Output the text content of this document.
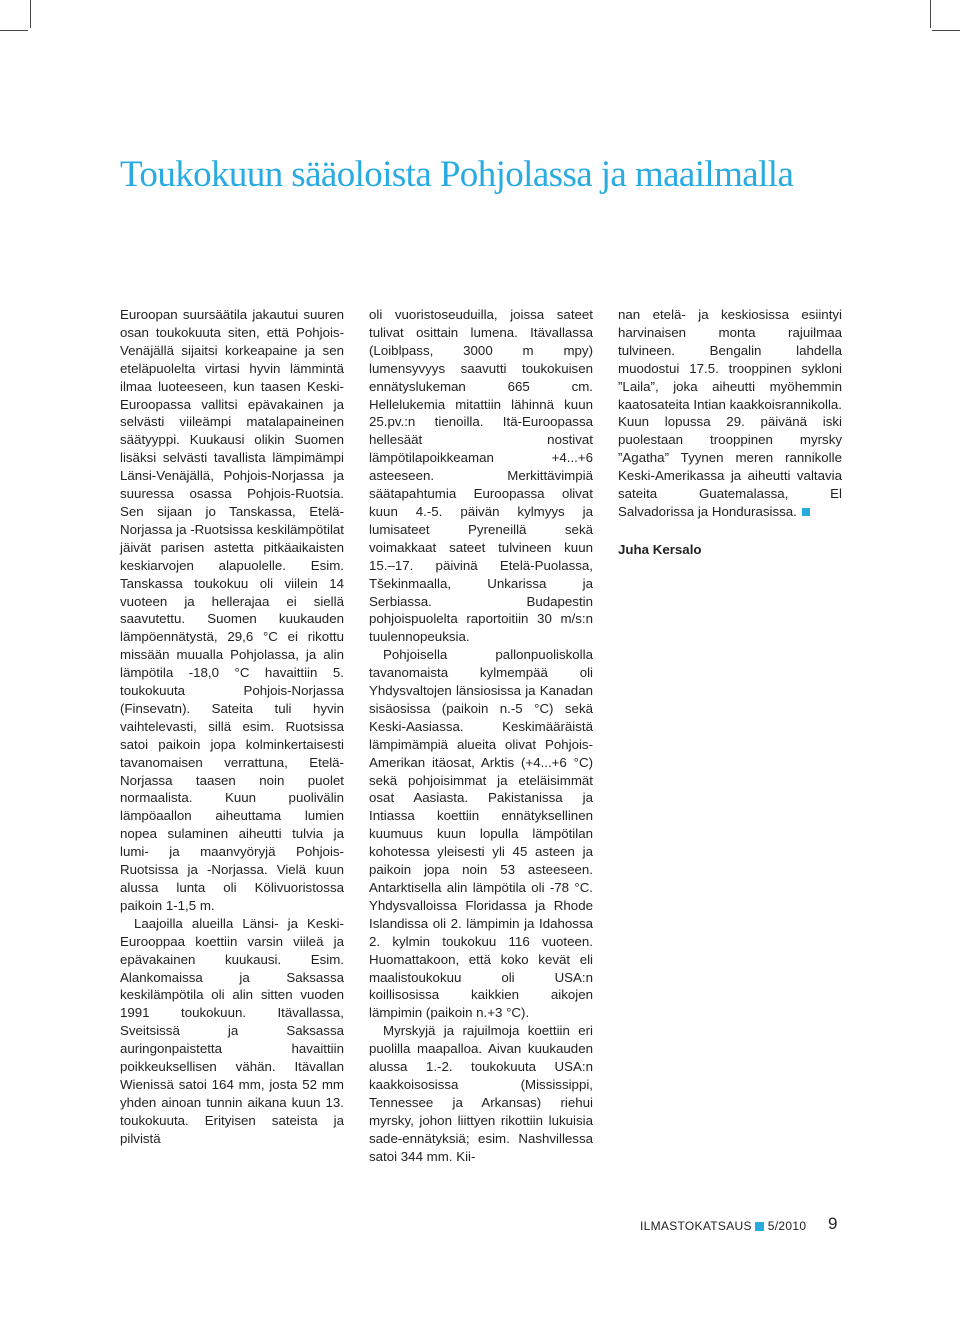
Toukokuun sääoloista Pohjolassa ja maailmalla

Euroopan suursäätila jakautui suuren osan toukokuuta siten, että Pohjois-Venäjällä sijaitsi korkeapaine ja sen eteläpuolelta virtasi hyvin lämmintä ilmaa luoteeseen, kun taasen Keski-Euroopassa vallitsi epävakainen ja selvästi viileämpi matalapaineinen säätyyppi. Kuukausi olikin Suomen lisäksi selvästi tavallista lämpimämpi Länsi-Venäjällä, Pohjois-Norjassa ja suuressa osassa Pohjois-Ruotsia. Sen sijaan jo Tanskassa, Etelä-Norjassa ja -Ruotsissa keskilämpötilat jäivät parisen astetta pitkäaikaisten keskiarvojen alapuolelle. Esim. Tanskassa toukokuu oli viilein 14 vuoteen ja hellerajaa ei siellä saavutettu. Suomen kuukauden lämpöennätystä, 29,6 °C ei rikottu missään muualla Pohjolassa, ja alin lämpötila -18,0 °C havaittiin 5. toukokuuta Pohjois-Norjassa (Finsevatn). Sateita tuli hyvin vaihtelevasti, sillä esim. Ruotsissa satoi paikoin jopa kolminkertaisesti tavanomaisen verrattuna, Etelä-Norjassa taasen noin puolet normaalista. Kuun puolivälin lämpöaallon aiheuttama lumien nopea sulaminen aiheutti tulvia ja lumi- ja maanvyöryjä Pohjois-Ruotsissa ja -Norjassa. Vielä kuun alussa lunta oli Kölivuoristossa paikoin 1-1,5 m.

Laajoilla alueilla Länsi- ja Keski-Eurooppaa koettiin varsin viileä ja epävakainen kuukausi. Esim. Alankomaissa ja Saksassa keskilämpötila oli alin sitten vuoden 1991 toukokuun. Itävallassa, Sveitsissä ja Saksassa auringonpaistetta havaittiin poikkeuksellisen vähän. Itävallan Wienissä satoi 164 mm, josta 52 mm yhden ainoan tunnin aikana kuun 13. toukokuuta. Erityisen sateista ja pilvistä

oli vuoristoseuduilla, joissa sateet tulivat osittain lumena. Itävallassa (Loiblpass, 3000 m mpy) lumensyvyys saavutti toukokuisen ennätyslukeman 665 cm. Hellelukemia mitattiin lähinnä kuun 25.pv.:n tienoilla. Itä-Euroopassa hellesäät nostivat lämpötilapoikkeaman +4...+6 asteeseen. Merkittävimpiä säätapahtumia Euroopassa olivat kuun 4.-5. päivän kylmyys ja lumisateet Pyreneillä sekä voimakkaat sateet tulvineen kuun 15.–17. päivinä Etelä-Puolassa, Tšekinmaalla, Unkarissa ja Serbiassa. Budapestin pohjoispuolelta raportoitiin 30 m/s:n tuulennopeuksia.

Pohjoisella pallonpuoliskolla tavanomaista kylmempää oli Yhdysvaltojen länsiosissa ja Kanadan sisäosissa (paikoin n.-5 °C) sekä Keski-Aasiassa. Keskimääräistä lämpimämpiä alueita olivat Pohjois-Amerikan itäosat, Arktis (+4...+6 °C) sekä pohjoisimmat ja eteläisimmät osat Aasiasta. Pakistanissa ja Intiassa koettiin ennätyksellinen kuumuus kuun lopulla lämpötilan kohotessa yleisesti yli 45 asteen ja paikoin jopa noin 53 asteeseen. Antarktisella alin lämpötila oli -78 °C. Yhdysvalloissa Floridassa ja Rhode Islandissa oli 2. lämpimin ja Idahossa 2. kylmin toukokuu 116 vuoteen. Huomattakoon, että koko kevät eli maalistoukokuu oli USA:n koillisosissa kaikkien aikojen lämpimin (paikoin n.+3 °C).

Myrskyjä ja rajuilmoja koettiin eri puolilla maapalloa. Aivan kuukauden alussa 1.-2. toukokuuta USA:n kaakkoisosissa (Mississippi, Tennessee ja Arkansas) riehui myrsky, johon liittyen rikottiin lukuisia sade-ennätyksiä; esim. Nashvillessa satoi 344 mm. Kii-

nan etelä- ja keskiosissa esiintyi harvinaisen monta rajuilmaa tulvineen. Bengalin lahdella muodostui 17.5. trooppinen sykloni ”Laila”, joka aiheutti myöhemmin kaatosateita Intian kaakkoisrannikolla. Kuun lopussa 29. päivänä iski puolestaan trooppinen myrsky ”Agatha” Tyynen meren rannikolle Keski-Amerikassa ja aiheutti valtavia sateita Guatemalassa, El Salvadorissa ja Hondurasissa.

Juha Kersalo
ILMASTOKATSAUS 5/2010 9
